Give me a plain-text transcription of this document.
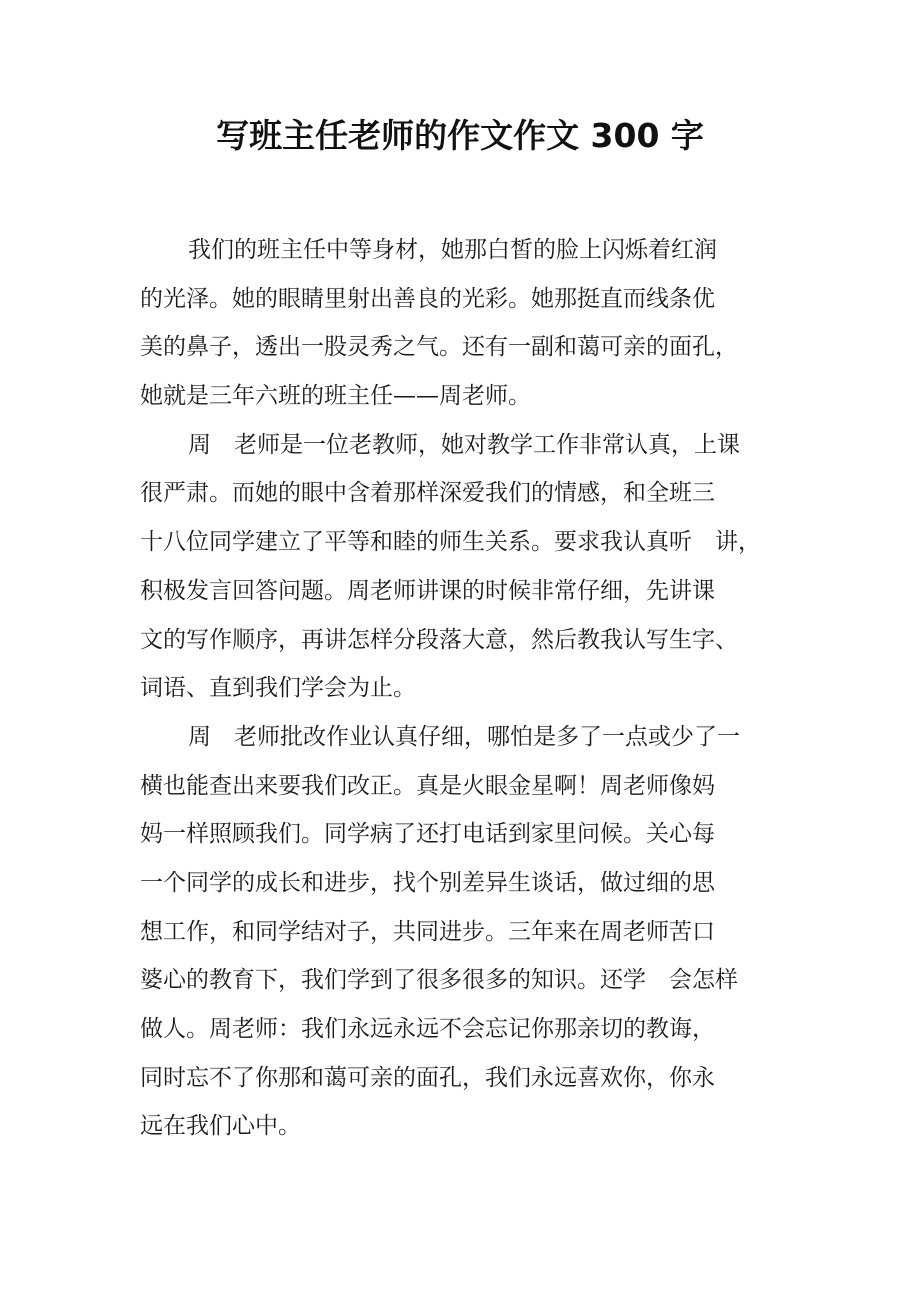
写班主任老师的作文作文 300 字

我们的班主任中等身材，她那白皙的脸上闪烁着红润

的光泽。她的眼睛里射出善良的光彩。她那挺直而线条优

美的鼻子，透出一股灵秀之气。还有一副和蔼可亲的面孔，

她就是三年六班的班主任——周老师。

周　老师是一位老教师，她对教学工作非常认真，上课

很严肃。而她的眼中含着那样深爱我们的情感，和全班三

十八位同学建立了平等和睦的师生关系。要求我认真听　讲，

积极发言回答问题。周老师讲课的时候非常仔细，先讲课

文的写作顺序，再讲怎样分段落大意，然后教我认写生字、

词语、直到我们学会为止。

周　老师批改作业认真仔细，哪怕是多了一点或少了一

横也能查出来要我们改正。真是火眼金星啊！周老师像妈

妈一样照顾我们。同学病了还打电话到家里问候。关心每

一个同学的成长和进步，找个别差异生谈话，做过细的思

想工作，和同学结对子，共同进步。三年来在周老师苦口

婆心的教育下，我们学到了很多很多的知识。还学　会怎样

做人。周老师：我们永远永远不会忘记你那亲切的教诲，

同时忘不了你那和蔼可亲的面孔，我们永远喜欢你，你永

远在我们心中。
